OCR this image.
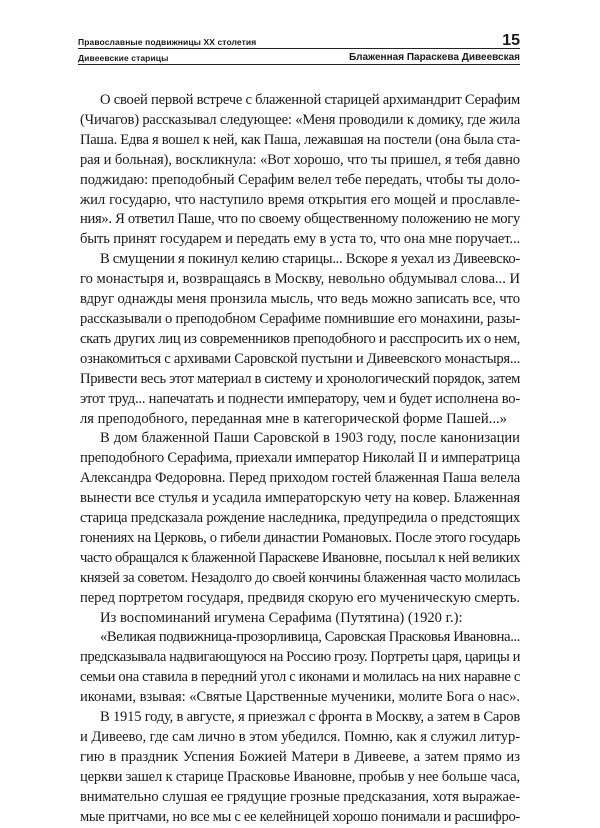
Православные подвижницы XX столетия	15
Дивеевские старицы	Блаженная Параскева Дивеевская

О своей первой встрече с блаженной старицей архимандрит Серафим
(Чичагов) рассказывал следующее: «Меня проводили к домику, где жила
Паша. Едва я вошел к ней, как Паша, лежавшая на постели (она была ста-
рая и больная), воскликнула: «Вот хорошо, что ты пришел, я тебя давно
поджидаю: преподобный Серафим велел тебе передать, чтобы ты доло-
жил государю, что наступило время открытия его мощей и прославле-
ния». Я ответил Паше, что по своему общественному положению не могу
быть принят государем и передать ему в уста то, что она мне поручает...

В смущении я покинул келию старицы... Вскоре я уехал из Дивеевско-
го монастыря и, возвращаясь в Москву, невольно обдумывал слова... И
вдруг однажды меня пронзила мысль, что ведь можно записать все, что
рассказывали о преподобном Серафиме помнившие его монахини, разы-
скать других лиц из современников преподобного и расспросить их о нем,
ознакомиться с архивами Саровской пустыни и Дивеевского монастыря...
Привести весь этот материал в систему и хронологический порядок, затем
этот труд... напечатать и поднести императору, чем и будет исполнена во-
ля преподобного, переданная мне в категорической форме Пашей...»

В дом блаженной Паши Саровской в 1903 году, после канонизации
преподобного Серафима, приехали император Николай II и императрица
Александра Федоровна. Перед приходом гостей блаженная Паша велела
вынести все стулья и усадила императорскую чету на ковер. Блаженная
старица предсказала рождение наследника, предупредила о предстоящих
гонениях на Церковь, о гибели династии Романовых. После этого государь
часто обращался к блаженной Параскеве Ивановне, посылал к ней великих
князей за советом. Незадолго до своей кончины блаженная часто молилась
перед портретом государя, предвидя скорую его мученическую смерть.

Из воспоминаний игумена Серафима (Путятина) (1920 г.):

«Великая подвижница-прозорливица, Саровская Прасковья Ивановна...
предсказывала надвигающуюся на Россию грозу. Портреты царя, царицы и
семьи она ставила в передний угол с иконами и молилась на них наравне с
иконами, взывая: «Святые Царственные мученики, молите Бога о нас».

В 1915 году, в августе, я приезжал с фронта в Москву, а затем в Саров
и Дивеево, где сам лично в этом убедился. Помню, как я служил литур-
гию в праздник Успения Божией Матери в Дивееве, а затем прямо из
церкви зашел к старице Прасковье Ивановне, пробыв у нее больше часа,
внимательно слушая ее грядущие грозные предсказания, хотя выражае-
мые притчами, но все мы с ее келейницей хорошо понимали и расшифро-
